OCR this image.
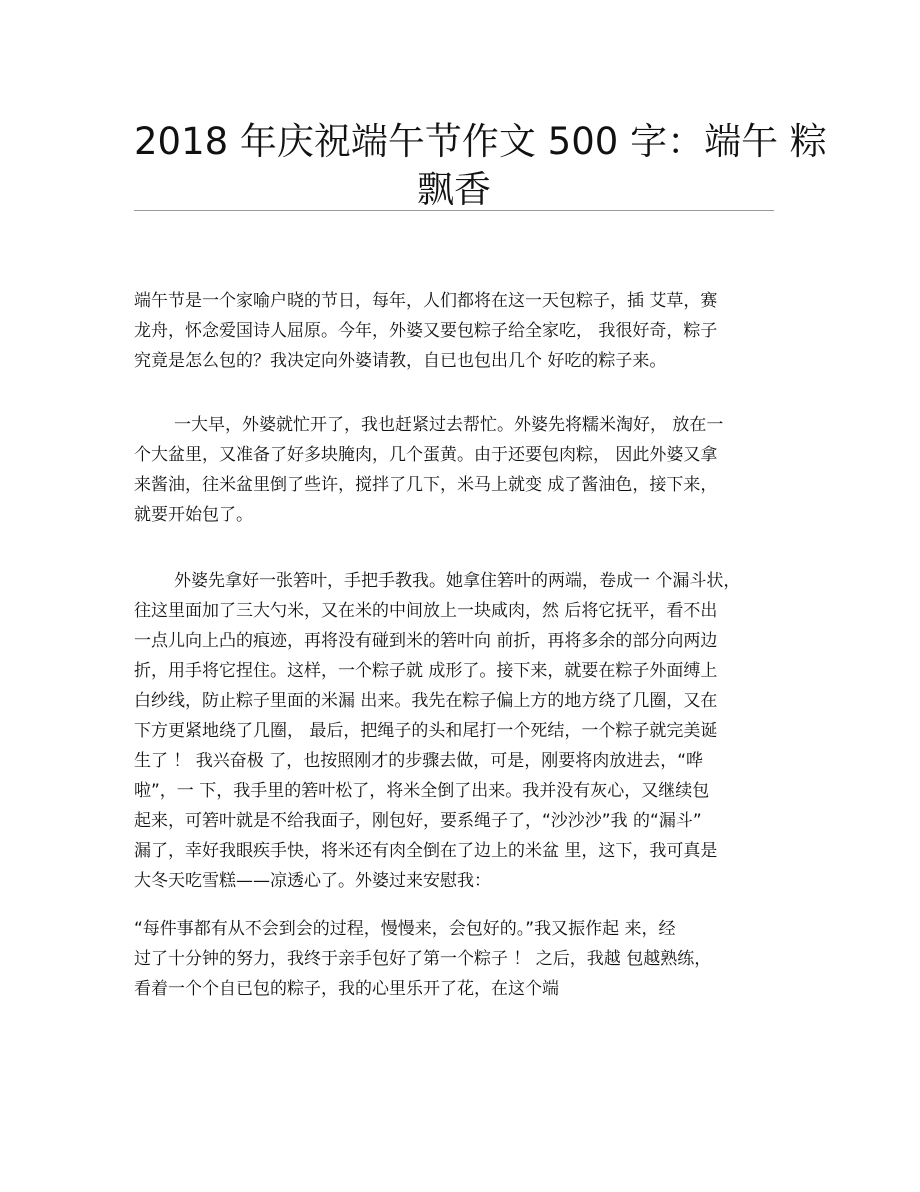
2018 年庆祝端午节作文 500 字：端午 粽
飘香

端午节是一个家喻户晓的节日，每年，人们都将在这一天包粽子，插 艾草，赛
龙舟，怀念爱国诗人屈原。今年，外婆又要包粽子给全家吃， 我很好奇，粽子
究竟是怎么包的？我决定向外婆请教，自已也包出几个 好吃的粽子来。

一大早，外婆就忙开了，我也赶紧过去帮忙。外婆先将糯米淘好， 放在一
个大盆里，又准备了好多块腌肉，几个蛋黄。由于还要包肉粽， 因此外婆又拿
来酱油，往米盆里倒了些许，搅拌了几下，米马上就变 成了酱油色，接下来，
就要开始包了。

外婆先拿好一张箬叶，手把手教我。她拿住箬叶的两端，卷成一 个漏斗状，
往这里面加了三大勺米，又在米的中间放上一块咸肉，然 后将它抚平，看不出
一点儿向上凸的痕迹，再将没有碰到米的箬叶向 前折，再将多余的部分向两边
折，用手将它捏住。这样，一个粽子就 成形了。接下来，就要在粽子外面缚上
白纱线，防止粽子里面的米漏 出来。我先在粽子偏上方的地方绕了几圈，又在
下方更紧地绕了几圈， 最后，把绳子的头和尾打一个死结，一个粽子就完美诞
生了 ！ 我兴奋极 了，也按照刚才的步骤去做，可是，刚要将肉放进去，“哗
啦”，一 下，我手里的箬叶松了，将米全倒了出来。我并没有灰心，又继续包
起来，可箬叶就是不给我面子，刚包好，要系绳子了，“沙沙沙”我 的“漏斗”
漏了，幸好我眼疾手快，将米还有肉全倒在了边上的米盆 里，这下，我可真是
大冬天吃雪糕——凉透心了。外婆过来安慰我：

“每件事都有从不会到会的过程，慢慢来，会包好的。”我又振作起 来，经
过了十分钟的努力，我终于亲手包好了第一个粽子 ！ 之后，我越 包越熟练，
看着一个个自已包的粽子，我的心里乐开了花，在这个端
